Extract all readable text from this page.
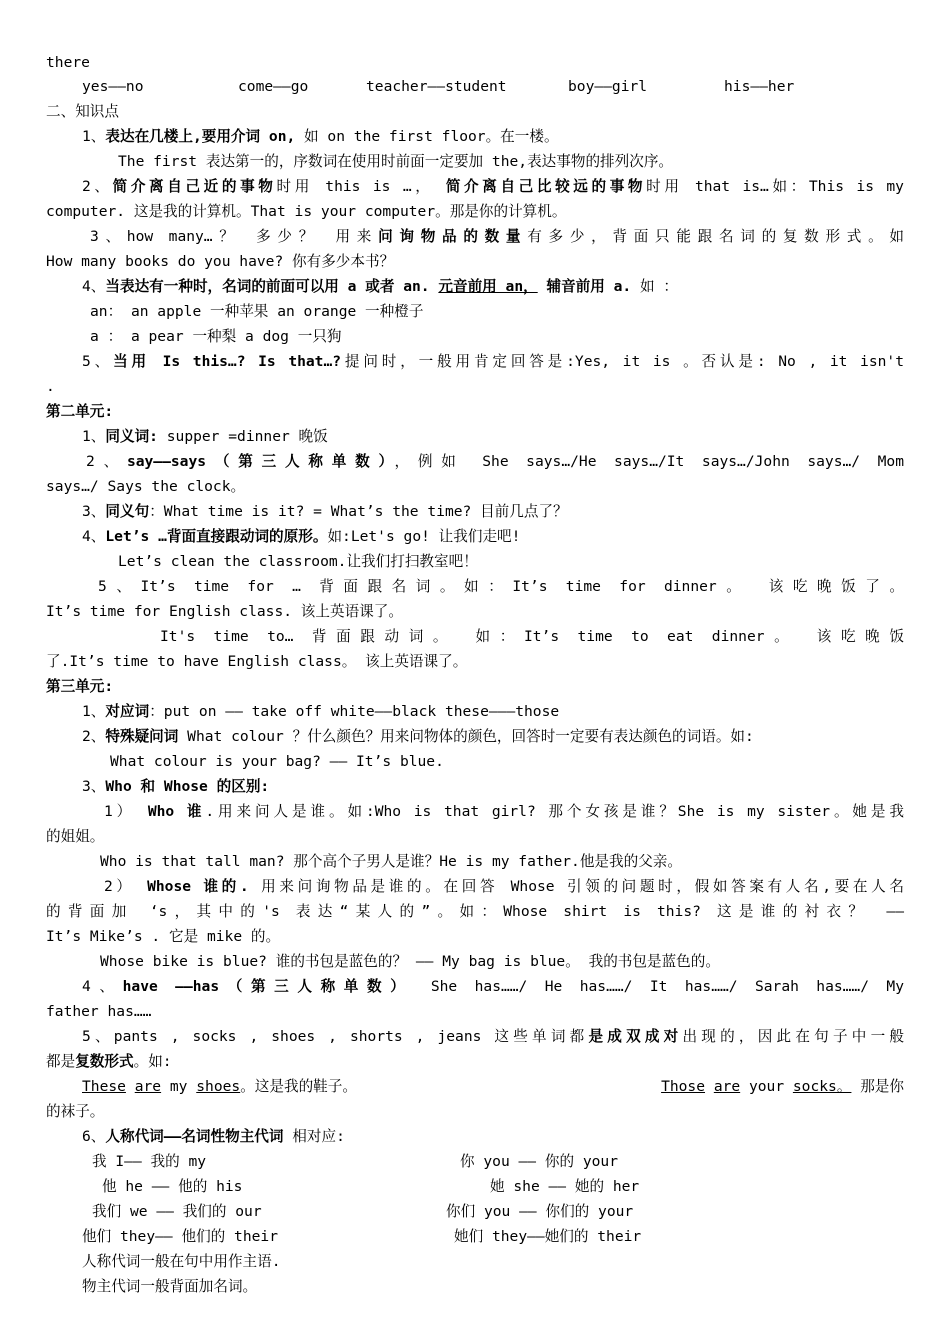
there
二、知识点
1、表达在几楼上,要用介词 on, 如 on the first floor。在一楼。
The first 表达第一的，序数词在使用时前面一定要加 the,表达事物的排列次序。
2、简介离自己近的事物时用 this is …， 简介离自己比较远的事物时用 that is…如：This is my
computer. 这是我的计算机。That is your computer。那是你的计算机。
3、how many…？ 多少？ 用来问询物品的数量有多少，背面只能跟名词的复数形式。如
How many books do you have? 你有多少本书？
4、当表达有一种时，名词的前面可以用 a 或者 an. 元音前用 an， 辅音前用 a. 如 ：
an： an apple 一种苹果 an orange 一种橙子
a ： a pear 一种梨 a dog 一只狗
5、当用 Is this…? Is that…?提问时，一般用肯定回答是:Yes, it is 。否认是: No , it isn't
.
第二单元:
1、同义词: supper =dinner 晚饭
2、say——says（第三人称单数），例如 She says…/He says…/It says…/John says…/ Mom
says…/ Says the clock。
3、同义句：What time is it? = What’s the time? 目前几点了？
4、Let’s …背面直接跟动词的原形。如:Let's go! 让我们走吧!
Let’s clean the classroom.让我们打扫教室吧！
5、It’s time for … 背面跟名词。如：It’s time for dinner。 该吃晚饭了。
It’s time for English class. 该上英语课了。
It's time to… 背面跟动词。 如：It’s time to eat dinner。 该吃晚饭
了.It’s time to have English class。 该上英语课了。
第三单元:
1、对应词：put on —— take off white——black these———those
2、特殊疑问词 What colour ？什么颜色？用来问物体的颜色，回答时一定要有表达颜色的词语。如:
What colour is your bag? —— It’s blue.
3、Who 和 Whose 的区别:
1） Who 谁.用来问人是谁。如:Who is that girl? 那个女孩是谁？She is my sister。她是我
的姐姐。
Who is that tall man? 那个高个子男人是谁？He is my father.他是我的父亲。
2） Whose 谁的. 用来问询物品是谁的。在回答 Whose 引领的问题时，假如答案有人名,要在人名
的背面加 ‘s，其中的's 表达“某人的”。如：Whose shirt is this? 这是谁的衬衣？ ——
It’s Mike’s . 它是 mike 的。
Whose bike is blue? 谁的书包是蓝色的？ —— My bag is blue。 我的书包是蓝色的。
4、have ——has（第三人称单数） She has……/ He has……/ It has……/ Sarah has……/ My
father has……
5、pants , socks , shoes , shorts , jeans 这些单词都是成双成对出现的，因此在句子中一般
都是复数形式。如:
的袜子。
6、人称代词——名词性物主代词 相对应:
人称代词一般在句中用作主语.
物主代词一般背面加名词。
yes——no	come——go	teacher——student	boy——girl	his——her
These are my shoes。这是我的鞋子。	Those are your socks。 那是你
我 I—— 我的 my	你 you —— 你的 your
他 he —— 他的 his	她 she —— 她的 her
我们 we —— 我们的 our	你们 you —— 你们的 your
他们 they—— 他们的 their	她们 they——她们的 their
